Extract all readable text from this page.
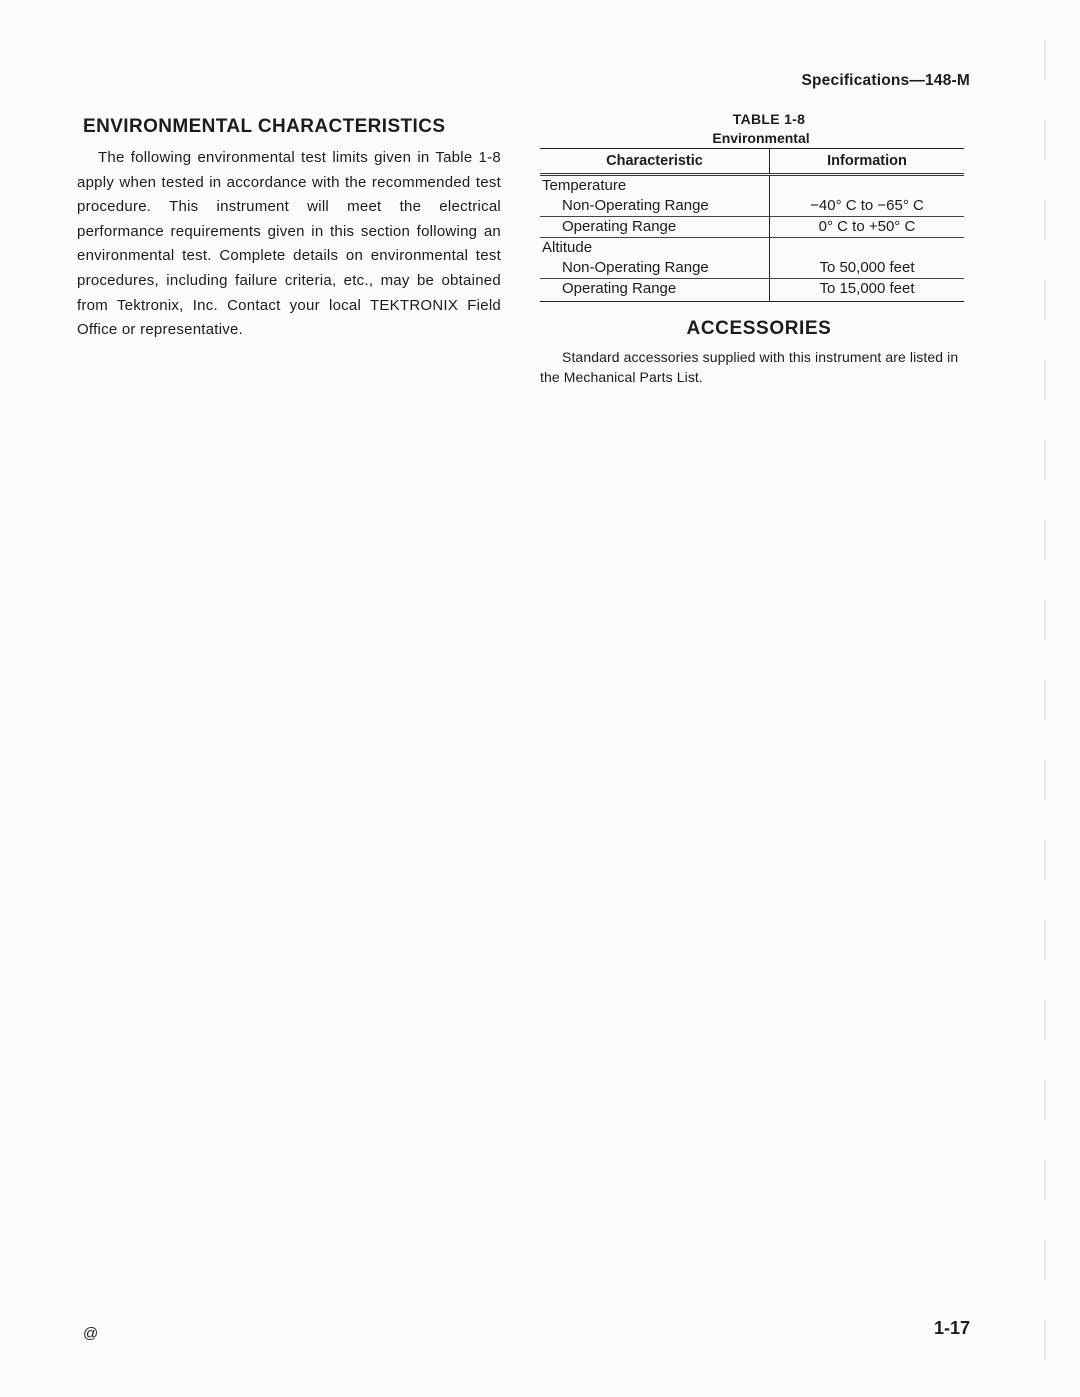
Specifications—148-M
ENVIRONMENTAL CHARACTERISTICS

The following environmental test limits given in Table 1-8 apply when tested in accordance with the recommended test procedure. This instrument will meet the electrical performance requirements given in this section following an environmental test. Complete details on environmental test procedures, including failure criteria, etc., may be obtained from Tektronix, Inc. Contact your local TEKTRONIX Field Office or representative.

TABLE 1-8
Environmental
Characteristic	Information
Temperature	
Non-Operating Range	−40° C to −65° C
Operating Range	0° C to +50° C
Altitude	
Non-Operating Range	To 50,000 feet
Operating Range	To 15,000 feet

ACCESSORIES

Standard accessories supplied with this instrument are listed in the Mechanical Parts List.

@	1-17
